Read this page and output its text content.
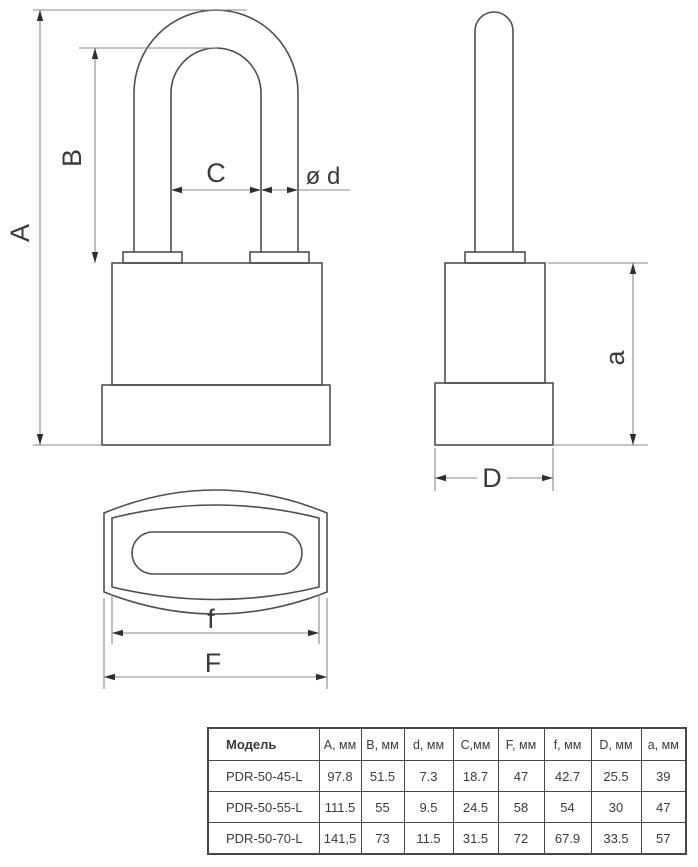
A
B	C	ø d
a
D
f
F
Модель	A, мм	B, мм	d, мм	C,мм	F, мм	f, мм	D, мм	a, мм
PDR-50-45-L	97.8	51.5	7.3	18.7	47	42.7	25.5	39
PDR-50-55-L	111.5	55	9.5	24.5	58	54	30	47
PDR-50-70-L	141,5	73	11.5	31.5	72	67.9	33.5	57
